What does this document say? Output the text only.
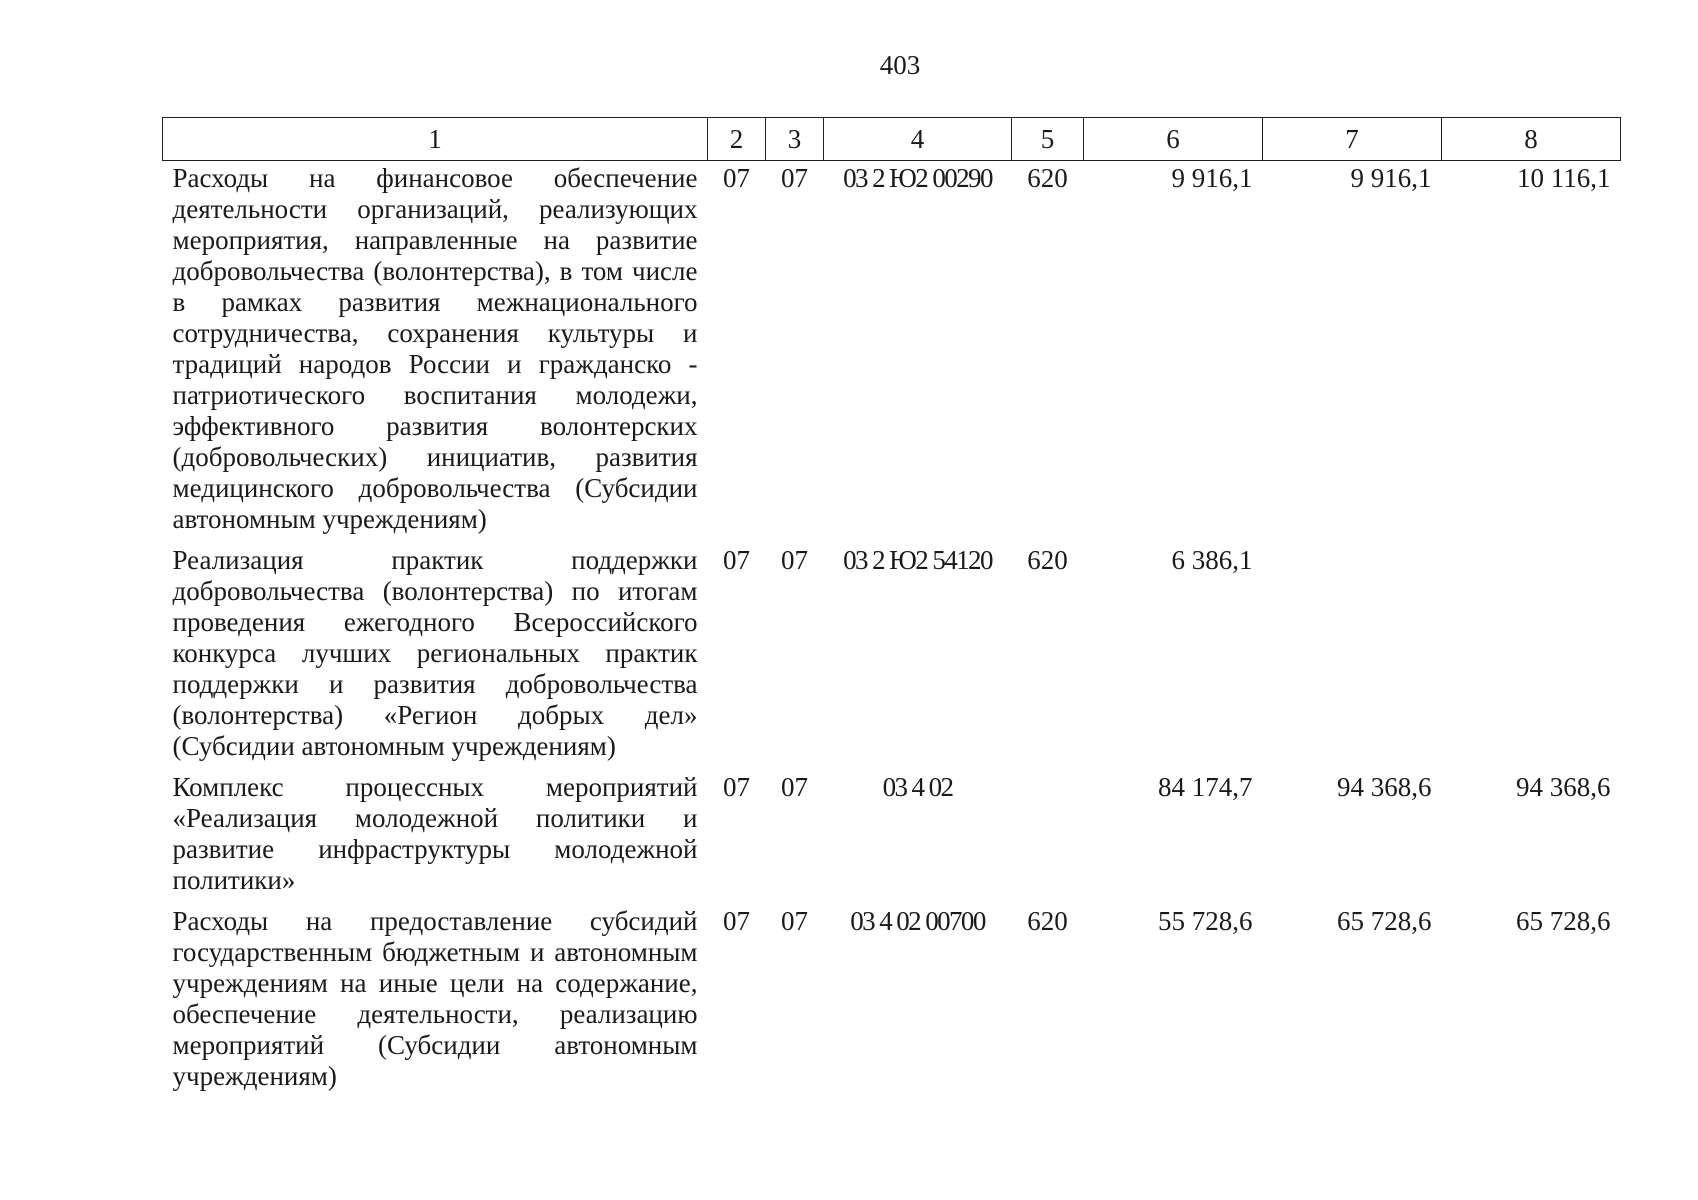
403
1	2	3	4	5	6	7	8
Расходы на финансовое обеспечение деятельности организаций, реализующих мероприятия, направленные на развитие добровольчества (волонтерства), в том числе в рамках развития межнационального сотрудничества, сохранения культуры и традиций народов России и гражданско - патриотического воспитания молодежи, эффективного развития волонтерских (добровольческих) инициатив, развития медицинского добровольчества (Субсидии автономным учреждениям)	07	07	03 2 Ю2 00290	620	9 916,1	9 916,1	10 116,1
Реализация практик поддержки добровольчества (волонтерства) по итогам проведения ежегодного Всероссийского конкурса лучших региональных практик поддержки и развития добровольчества (волонтерства) «Регион добрых дел» (Субсидии автономным учреждениям)	07	07	03 2 Ю2 54120	620	6 386,1		
Комплекс процессных мероприятий «Реализация молодежной политики и развитие инфраструктуры молодежной политики»	07	07	03 4 02		84 174,7	94 368,6	94 368,6
Расходы на предоставление субсидий государственным бюджетным и автономным учреждениям на иные цели на содержание, обеспечение деятельности, реализацию мероприятий (Субсидии автономным учреждениям)	07	07	03 4 02 00700	620	55 728,6	65 728,6	65 728,6
